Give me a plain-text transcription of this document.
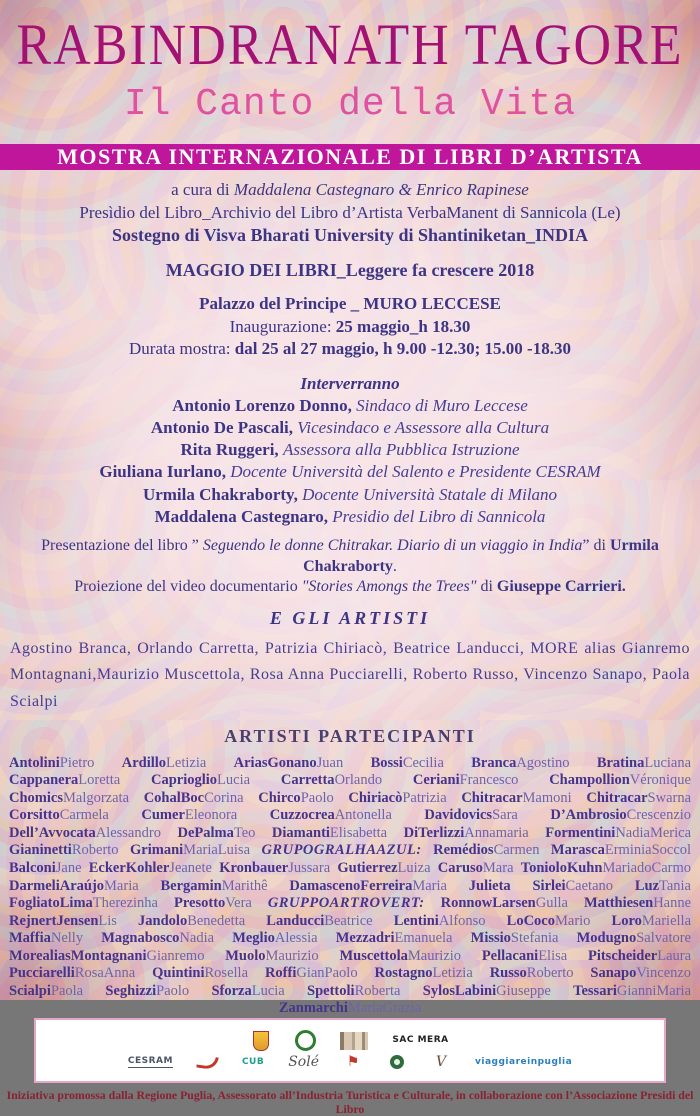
RABINDRANATH TAGORE
Il Canto della Vita
MOSTRA INTERNAZIONALE DI LIBRI D’ARTISTA
a cura di Maddalena Castegnaro & Enrico Rapinese
Presìdio del Libro_Archivio del Libro d’Artista VerbaManent di Sannicola (Le)
Sostegno di Visva Bharati University di Shantiniketan_INDIA
MAGGIO DEI LIBRI_Leggere fa crescere 2018
Palazzo del Principe _ MURO LECCESE
Inaugurazione: 25 maggio_h 18.30
Durata mostra: dal 25 al 27 maggio, h 9.00 -12.30; 15.00 -18.30
Interverranno
Antonio Lorenzo Donno, Sindaco di Muro Leccese
Antonio De Pascali, Vicesindaco e Assessore alla Cultura
Rita Ruggeri, Assessora alla Pubblica Istruzione
Giuliana Iurlano, Docente Università del Salento e Presidente CESRAM
Urmila Chakraborty, Docente Università Statale di Milano
Maddalena Castegnaro, Presidio del Libro di Sannicola
Presentazione del libro ” Seguendo le donne Chitrakar. Diario di un viaggio in India” di Urmila Chakraborty.
Proiezione del video documentario "Stories Amongs the Trees" di Giuseppe Carrieri.
E GLI ARTISTI
Agostino Branca, Orlando Carretta, Patrizia Chiriacò, Beatrice Landucci, MORE alias Gianremo Montagnani,Maurizio Muscettola, Rosa Anna Pucciarelli, Roberto Russo, Vincenzo Sanapo, Paola Scialpi
ARTISTI PARTECIPANTI
AntoliniPietro ArdilloLetizia AriasGonanoJuan BossiCecilia BrancaAgostino BratinaLuciana CappaneraLoretta CaprioglioLucia CarrettaOrlando CerianiFrancesco ChampollionVéronique ChomicsMalgorzata CohalBocCorina ChircoPaolo ChiriacòPatrizia ChitracarMamoni ChitracarSwarna CorsittoCarmela CumerEleonora CuzzocreaAntonella DavidovicsSara D’AmbrosioCrescenzio Dell’AvvocataAlessandro DePalmaTeo DiamantiElisabetta DiTerlizziAnnamaria FormentiniNadiaMerica GianinettiRoberto GrimaniMariaLuisa GRUPOGRALHAAZUL: RemédiosCarmen MarascaErminiaSoccol BalconiJane EckerKohlerJeanete KronbauerJussara GutierrezLuiza CarusoMara TonioloKuhnMariadoCarmo DarmeliAraújoMaria BergaminMarithê DamascenoFerreiraMaria Julieta SirleiCaetano LuzTania FogliatoLimaTherezinha PresottoVera GRUPPOARTROVERT: RonnowLarsenGulla MatthiesenHanne RejnertJensenLis JandoloBenedetta LanducciBeatrice LentiniAlfonso LoCocoMario LoroMariella MaffiaNelly MagnaboscoNadia MeglioAlessia MezzadriEmanuela MissioStefania ModugnoSalvatore MorealiasMontagnaniGianremo MuoloMaurizio MuscettolaMaurizio PellacaniElisa PitscheiderLaura PucciarelliRosaAnna QuintiniRosella RoffiGianPaolo RostagnoLetizia RussoRoberto SanapoVincenzo ScialpiPaola SeghizziPaolo SforzaLucia SpettoliRoberta SylosLabiniGiuseppe TessariGianniMaria ZanmarchiMariaGrazia
SAC MERA
CESRAM	CUB Solé ⚑	V	viaggiareinpuglia
Iniziativa promossa dalla Regione Puglia, Assessorato all’Industria Turistica e Culturale, in collaborazione con l’Associazione Presidi del Libro
